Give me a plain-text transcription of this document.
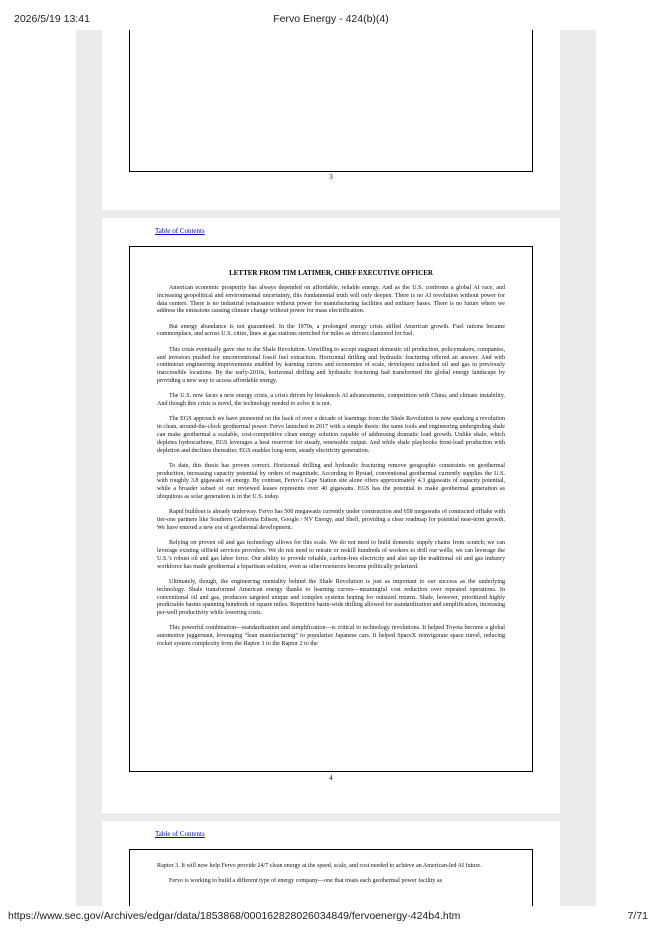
2026/5/19 13:41	Fervo Energy - 424(b)(4)
3
Table of Contents
LETTER FROM TIM LATIMER, CHIEF EXECUTIVE OFFICER

American economic prosperity has always depended on affordable, reliable energy. And as the U.S. confronts a global AI race, and increasing geopolitical and environmental uncertainty, this fundamental truth will only deepen. There is no AI revolution without power for data centers. There is no industrial renaissance without power for manufacturing facilities and military bases. There is no future where we address the emissions causing climate change without power for mass electrification.

But energy abundance is not guaranteed. In the 1970s, a prolonged energy crisis stifled American growth. Fuel rations became commonplace, and across U.S. cities, lines at gas stations stretched for miles as drivers clamored for fuel.

This crisis eventually gave rise to the Shale Revolution. Unwilling to accept stagnant domestic oil production, policymakers, companies, and investors pushed for unconventional fossil fuel extraction. Horizontal drilling and hydraulic fracturing offered an answer. And with continuous engineering improvements enabled by learning curves and economies of scale, developers unlocked oil and gas in previously inaccessible locations. By the early-2010s, horizontal drilling and hydraulic fracturing had transformed the global energy landscape by providing a new way to access affordable energy.

The U.S. now faces a new energy crisis, a crisis driven by breakneck AI advancements, competition with China, and climate instability. And though this crisis is novel, the technology needed to solve it is not.

The EGS approach we have pioneered on the back of over a decade of learnings from the Shale Revolution is now sparking a revolution in clean, around-the-clock geothermal power. Fervo launched in 2017 with a simple thesis: the same tools and engineering undergirding shale can make geothermal a scalable, cost-competitive clean energy solution capable of addressing dramatic load growth. Unlike shale, which depletes hydrocarbons, EGS leverages a heat reservoir for steady, renewable output. And while shale playbooks front-load production with depletion and declines thereafter, EGS enables long-term, steady electricity generation.

To date, this thesis has proven correct. Horizontal drilling and hydraulic fracturing remove geographic constraints on geothermal production, increasing capacity potential by orders of magnitude. According to Rystad, conventional geothermal currently supplies the U.S. with roughly 3.8 gigawatts of energy. By contrast, Fervo’s Cape Station site alone offers approximately 4.3 gigawatts of capacity potential, while a broader subset of our reviewed leases represents over 40 gigawatts. EGS has the potential to make geothermal generation as ubiquitous as solar generation is in the U.S. today.

Rapid buildout is already underway. Fervo has 500 megawatts currently under construction and 658 megawatts of contracted offtake with tier-one partners like Southern California Edison, Google / NV Energy, and Shell, providing a clear roadmap for potential near-term growth. We have entered a new era of geothermal development.

Relying on proven oil and gas technology allows for this scale. We do not need to build domestic supply chains from scratch; we can leverage existing oilfield services providers. We do not need to retrain or reskill hundreds of workers to drill our wells; we can leverage the U.S.’s robust oil and gas labor force. Our ability to provide reliable, carbon-free electricity and also tap the traditional oil and gas industry workforce has made geothermal a bipartisan solution, even as other resources become politically polarized.

Ultimately, though, the engineering mentality behind the Shale Revolution is just as important to our success as the underlying technology. Shale transformed American energy thanks to learning curves—meaningful cost reduction over repeated operations. In conventional oil and gas, producers targeted unique and complex systems hoping for outsized returns. Shale, however, prioritized highly predictable basins spanning hundreds of square miles. Repetitive basin-wide drilling allowed for standardization and simplification, increasing per-well productivity while lowering costs.

This powerful combination—standardization and simplification—is critical to technology revolutions. It helped Toyota become a global automotive juggernaut, leveraging “lean manufacturing” to popularize Japanese cars. It helped SpaceX reinvigorate space travel, reducing rocket system complexity from the Raptor 1 to the Raptor 2 to the

4
Table of Contents

Raptor 3. It will now help Fervo provide 24/7 clean energy at the speed, scale, and cost needed to achieve an American-led AI future.

Fervo is working to build a different type of energy company—one that treats each geothermal power facility as

https://www.sec.gov/Archives/edgar/data/1853868/000162828026034849/fervoenergy-424b4.htm	7/71
